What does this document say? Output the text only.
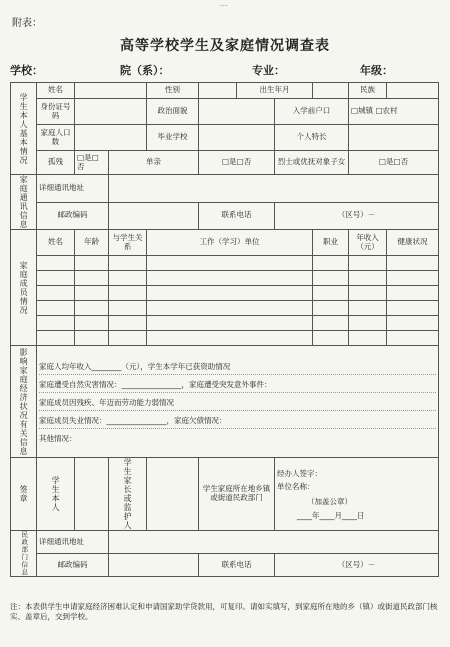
...
附表：
高等学校学生及家庭情况调查表
学校：	院（系）：	专业：	年级：
学生本人基本情况	姓名			性别		出生年月			民族	
	身份证号码			政治面貌			入学前户口		□城镇 □农村	
	家庭人口数			毕业学校			个人特长			
	孤残	□是□否	单亲		□是□否		烈士或优抚对象子女		□是□否	
家庭通讯信息	详细通讯地址									
	邮政编码				联系电话		（区号）－			
家庭成员情况	姓名	年龄	与学生关系	工作（学习）单位				职业	年收入（元）	健康状况

影响家庭经济状况有关信息	家庭人均年收入________（元），学生本学年已获资助情况
家庭遭受自然灾害情况：________________，家庭遭受突发意外事件：
家庭成员因残疾、年迈而劳动能力弱情况
家庭成员失业情况：________________，家庭欠债情况：
其他情况：									

签章	学生本人		学生家长或监护人		学生家庭所在地乡镇或街道民政部门		经办人签字：
单位名称：
（加盖公章）
____年____月____日			

民政部门信息	详细通讯地址									
	邮政编码				联系电话		（区号）－			
注：本表供学生申请家庭经济困难认定和申请国家助学贷款用，可复印。请如实填写，到家庭所在地的乡（镇）或街道民政部门核实、盖章后，交到学校。
